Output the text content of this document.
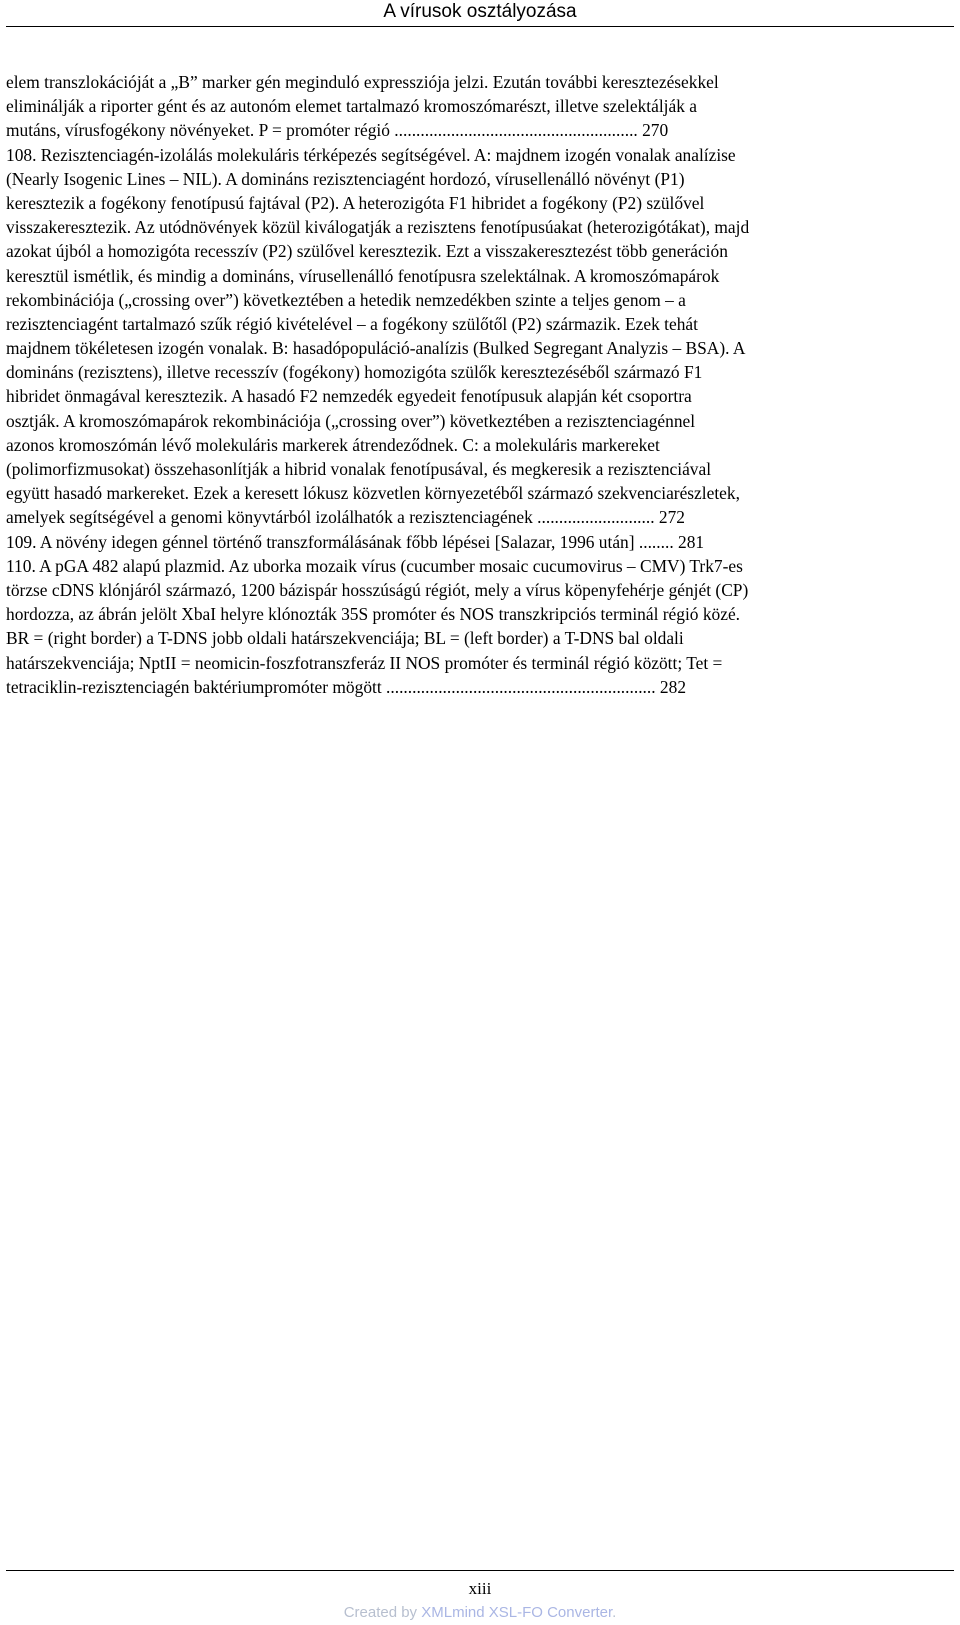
A vírusok osztályozása
elem transzlokációját a „B” marker gén meginduló expressziója jelzi. Ezután további keresztezésekkel
eliminálják a riporter gént és az autonóm elemet tartalmazó kromoszómarészt, illetve szelektálják a
mutáns, vírusfogékony növényeket. P = promóter régió ........................................................ 270
108. Rezisztenciagén-izolálás molekuláris térképezés segítségével. A: majdnem izogén vonalak analízise
(Nearly Isogenic Lines – NIL). A domináns rezisztenciagént hordozó, vírusellenálló növényt (P1)
keresztezik a fogékony fenotípusú fajtával (P2). A heterozigóta F1 hibridet a fogékony (P2) szülővel
visszakeresztezik. Az utódnövények közül kiválogatják a rezisztens fenotípusúakat (heterozigótákat), majd
azokat újból a homozigóta recesszív (P2) szülővel keresztezik. Ezt a visszakeresztezést több generáción
keresztül ismétlik, és mindig a domináns, vírusellenálló fenotípusra szelektálnak. A kromoszómapárok
rekombinációja („crossing over”) következtében a hetedik nemzedékben szinte a teljes genom – a
rezisztenciagént tartalmazó szűk régió kivételével – a fogékony szülőtől (P2) származik. Ezek tehát
majdnem tökéletesen izogén vonalak. B: hasadópopuláció-analízis (Bulked Segregant Analyzis – BSA). A
domináns (rezisztens), illetve recesszív (fogékony) homozigóta szülők keresztezéséből származó F1
hibridet önmagával keresztezik. A hasadó F2 nemzedék egyedeit fenotípusuk alapján két csoportra
osztják. A kromoszómapárok rekombinációja („crossing over”) következtében a rezisztenciagénnel
azonos kromoszómán lévő molekuláris markerek átrendeződnek. C: a molekuláris markereket
(polimorfizmusokat) összehasonlítják a hibrid vonalak fenotípusával, és megkeresik a rezisztenciával
együtt hasadó markereket. Ezek a keresett lókusz közvetlen környezetéből származó szekvenciarészletek,
amelyek segítségével a genomi könyvtárból izolálhatók a rezisztenciagének ........................... 272
109. A növény idegen génnel történő transzformálásának főbb lépései [Salazar, 1996 után] ........ 281
110. A pGA 482 alapú plazmid. Az uborka mozaik vírus (cucumber mosaic cucumovirus – CMV) Trk7-es
törzse cDNS klónjáról származó, 1200 bázispár hosszúságú régiót, mely a vírus köpenyfehérje génjét (CP)
hordozza, az ábrán jelölt XbaI helyre klónozták 35S promóter és NOS transzkripciós terminál régió közé.
BR = (right border) a T-DNS jobb oldali határszekvenciája; BL = (left border) a T-DNS bal oldali
határszekvenciája; NptII = neomicin-foszfotranszferáz II NOS promóter és terminál régió között; Tet =
tetraciklin-rezisztenciagén baktériumpromóter mögött .............................................................. 282
xiii
Created by XMLmind XSL-FO Converter.
